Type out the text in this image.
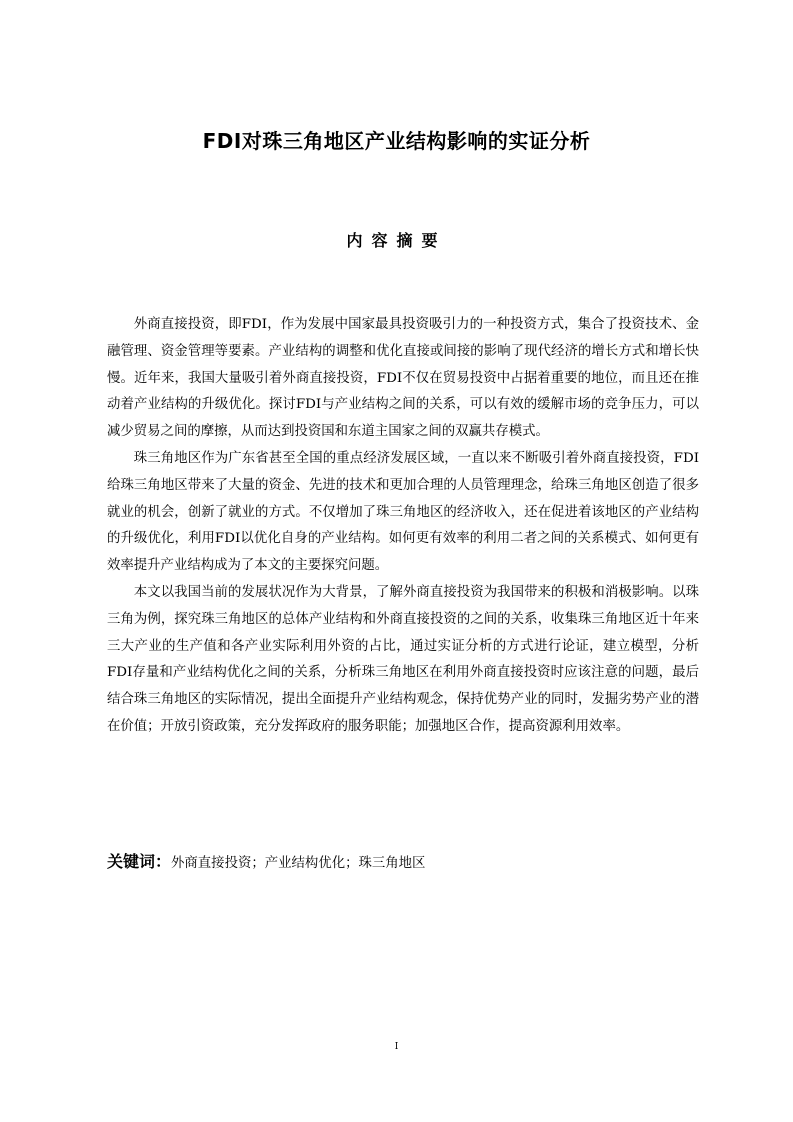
FDI对珠三角地区产业结构影响的实证分析
内容摘要

外商直接投资，即FDI，作为发展中国家最具投资吸引力的一种投资方式，集合了投资技术、金融管理、资金管理等要素。产业结构的调整和优化直接或间接的影响了现代经济的增长方式和增长快慢。近年来，我国大量吸引着外商直接投资，FDI不仅在贸易投资中占据着重要的地位，而且还在推动着产业结构的升级优化。探讨FDI与产业结构之间的关系，可以有效的缓解市场的竞争压力，可以减少贸易之间的摩擦，从而达到投资国和东道主国家之间的双赢共存模式。

珠三角地区作为广东省甚至全国的重点经济发展区域，一直以来不断吸引着外商直接投资，FDI给珠三角地区带来了大量的资金、先进的技术和更加合理的人员管理理念，给珠三角地区创造了很多就业的机会，创新了就业的方式。不仅增加了珠三角地区的经济收入，还在促进着该地区的产业结构的升级优化，利用FDI以优化自身的产业结构。如何更有效率的利用二者之间的关系模式、如何更有效率提升产业结构成为了本文的主要探究问题。

本文以我国当前的发展状况作为大背景，了解外商直接投资为我国带来的积极和消极影响。以珠三角为例，探究珠三角地区的总体产业结构和外商直接投资的之间的关系，收集珠三角地区近十年来三大产业的生产值和各产业实际利用外资的占比，通过实证分析的方式进行论证，建立模型，分析FDI存量和产业结构优化之间的关系，分析珠三角地区在利用外商直接投资时应该注意的问题，最后结合珠三角地区的实际情况，提出全面提升产业结构观念，保持优势产业的同时，发掘劣势产业的潜在价值；开放引资政策，充分发挥政府的服务职能；加强地区合作，提高资源利用效率。

关键词：外商直接投资；产业结构优化；珠三角地区
I
